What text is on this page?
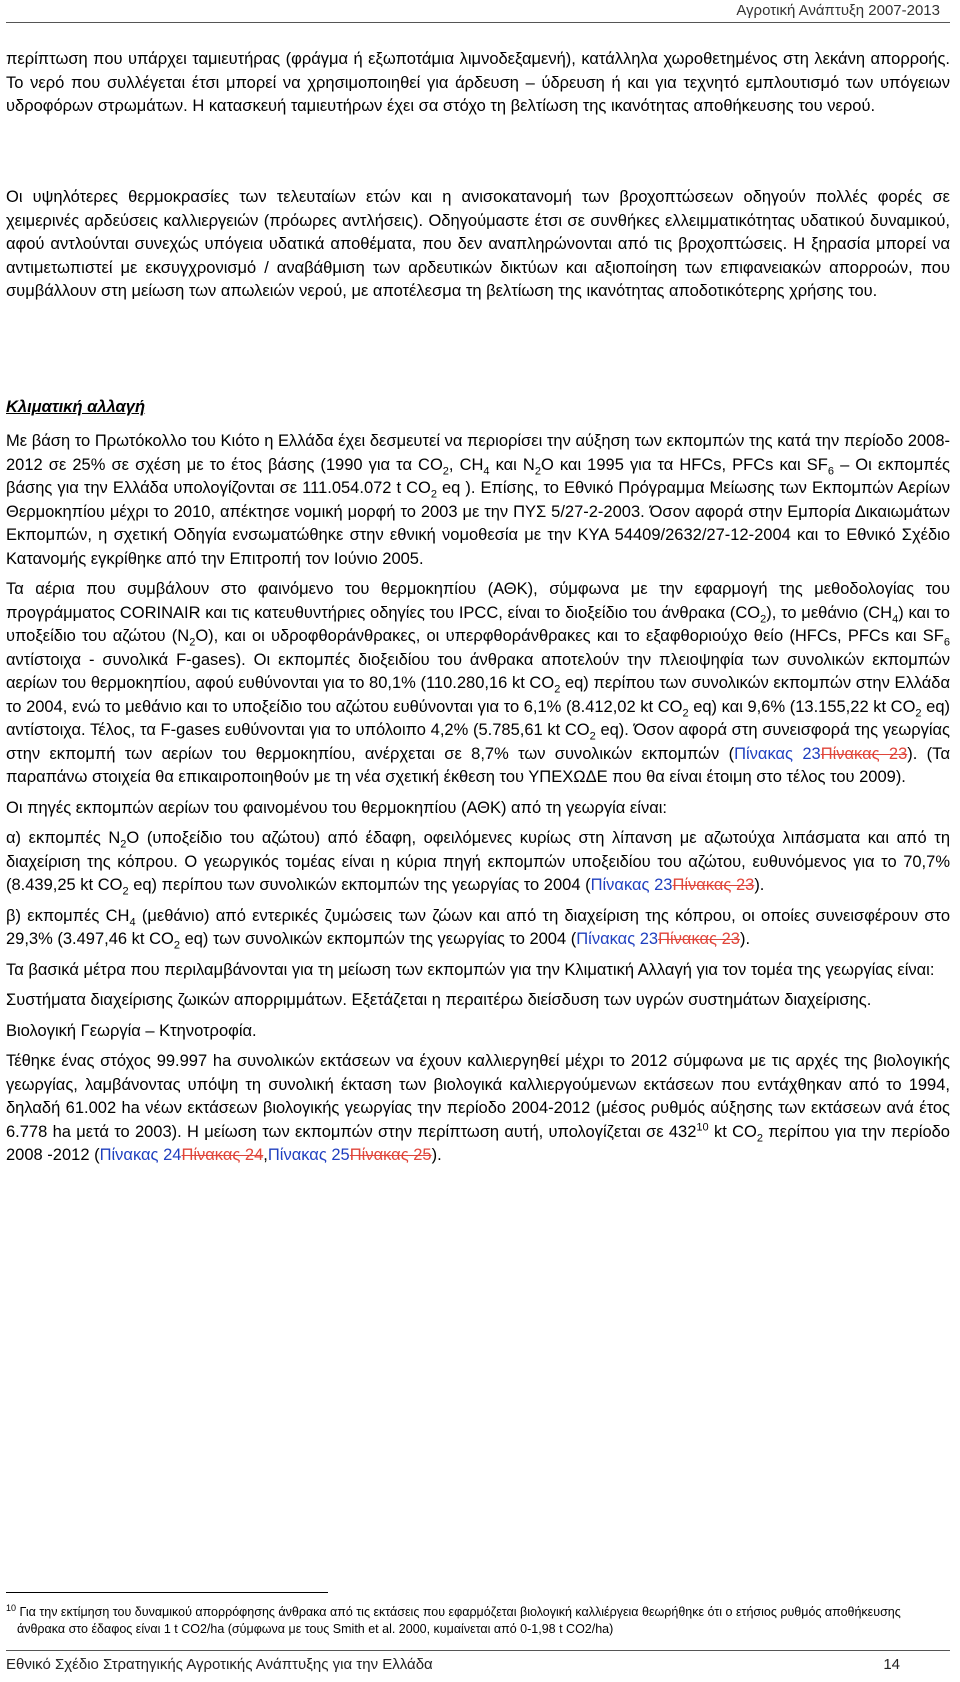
Αγροτική Ανάπτυξη 2007-2013

περίπτωση που υπάρχει ταμιευτήρας (φράγμα ή εξωποτάμια λιμνοδεξαμενή), κατάλληλα χωροθετημένος στη λεκάνη απορροής. Το νερό που συλλέγεται έτσι μπορεί να χρησιμοποιηθεί για άρδευση – ύδρευση ή και για τεχνητό εμπλουτισμό των υπόγειων υδροφόρων στρωμάτων. Η κατασκευή ταμιευτήρων έχει σα στόχο τη βελτίωση της ικανότητας αποθήκευσης του νερού.

Οι υψηλότερες θερμοκρασίες των τελευταίων ετών και η ανισοκατανομή των βροχοπτώσεων οδηγούν πολλές φορές σε χειμερινές αρδεύσεις καλλιεργειών (πρόωρες αντλήσεις). Οδηγούμαστε έτσι σε συνθήκες ελλειμματικότητας υδατικού δυναμικού, αφού αντλούνται συνεχώς υπόγεια υδατικά αποθέματα, που δεν αναπληρώνονται από τις βροχοπτώσεις. Η ξηρασία μπορεί να αντιμετωπιστεί με εκσυγχρονισμό / αναβάθμιση των αρδευτικών δικτύων και αξιοποίηση των επιφανειακών απορροών, που συμβάλλουν στη μείωση των απωλειών νερού, με αποτέλεσμα τη βελτίωση της ικανότητας αποδοτικότερης χρήσης του.

Κλιματική αλλαγή

Με βάση το Πρωτόκολλο του Κιότο η Ελλάδα έχει δεσμευτεί να περιορίσει την αύξηση των εκπομπών της κατά την περίοδο 2008-2012 σε 25% σε σχέση με το έτος βάσης (1990 για τα $CO_2$, $CH_4$ και $N_2O$ και 1995 για τα HFCs, PFCs και $SF_6$ – Οι εκπομπές βάσης για την Ελλάδα υπολογίζονται σε 111.054.072 t $CO_2$ eq ). Επίσης, το Εθνικό Πρόγραμμα Μείωσης των Εκπομπών Αερίων Θερμοκηπίου μέχρι το 2010, απέκτησε νομική μορφή το 2003 με την ΠΥΣ 5/27-2-2003. Όσον αφορά στην Εμπορία Δικαιωμάτων Εκπομπών, η σχετική Οδηγία ενσωματώθηκε στην εθνική νομοθεσία με την ΚΥΑ 54409/2632/27-12-2004 και το Εθνικό Σχέδιο Κατανομής εγκρίθηκε από την Επιτροπή τον Ιούνιο 2005.

Τα αέρια που συμβάλουν στο φαινόμενο του θερμοκηπίου (ΑΘΚ), σύμφωνα με την εφαρμογή της μεθοδολογίας του προγράμματος CORINAIR και τις κατευθυντήριες οδηγίες του IPCC, είναι το διοξείδιο του άνθρακα $(CO_2)$, το μεθάνιο $(CH_4)$ και το υποξείδιο του αζώτου $(N_2O)$, και οι υδροφθοράνθρακες, οι υπερφθοράνθρακες και το εξαφθοριούχο θείο (HFCs, PFCs και $SF_6$ αντίστοιχα - συνολικά F-gases). Οι εκπομπές διοξειδίου του άνθρακα αποτελούν την πλειοψηφία των συνολικών εκπομπών αερίων του θερμοκηπίου, αφού ευθύνονται για το 80,1% (110.280,16 kt $CO_2$ eq) περίπου των συνολικών εκπομπών στην Ελλάδα το 2004, ενώ το μεθάνιο και το υποξείδιο του αζώτου ευθύνονται για το 6,1% (8.412,02 kt $CO_2$ eq) και 9,6% (13.155,22 kt $CO_2$ eq) αντίστοιχα. Τέλος, τα F-gases ευθύνονται για το υπόλοιπο 4,2% (5.785,61 kt $CO_2$ eq). Όσον αφορά στη συνεισφορά της γεωργίας στην εκπομπή των αερίων του θερμοκηπίου, ανέρχεται σε 8,7% των συνολικών εκπομπών (Πίνακας 23Πίνακας 23). (Τα παραπάνω στοιχεία θα επικαιροποιηθούν με τη νέα σχετική έκθεση του ΥΠΕΧΩΔΕ που θα είναι έτοιμη στο τέλος του 2009).

Οι πηγές εκπομπών αερίων του φαινομένου του θερμοκηπίου (ΑΘΚ) από τη γεωργία είναι:

α) εκπομπές $N_2O$ (υποξείδιο του αζώτου) από έδαφη, οφειλόμενες κυρίως στη λίπανση με αζωτούχα λιπάσματα και από τη διαχείριση της κόπρου. Ο γεωργικός τομέας είναι η κύρια πηγή εκπομπών υποξειδίου του αζώτου, ευθυνόμενος για το 70,7% (8.439,25 kt $CO_2$ eq) περίπου των συνολικών εκπομπών της γεωργίας το 2004 (Πίνακας 23Πίνακας 23).

β) εκπομπές $CH_4$ (μεθάνιο) από εντερικές ζυμώσεις των ζώων και από τη διαχείριση της κόπρου, οι οποίες συνεισφέρουν στο 29,3% (3.497,46 kt $CO_2$ eq) των συνολικών εκπομπών της γεωργίας το 2004 (Πίνακας 23Πίνακας 23).

Τα βασικά μέτρα που περιλαμβάνονται για τη μείωση των εκπομπών για την Κλιματική Αλλαγή για τον τομέα της γεωργίας είναι:

Συστήματα διαχείρισης ζωικών απορριμμάτων. Εξετάζεται η περαιτέρω διείσδυση των υγρών συστημάτων διαχείρισης.

Βιολογική Γεωργία – Κτηνοτροφία.

Τέθηκε ένας στόχος 99.997 ha συνολικών εκτάσεων να έχουν καλλιεργηθεί μέχρι το 2012 σύμφωνα με τις αρχές της βιολογικής γεωργίας, λαμβάνοντας υπόψη τη συνολική έκταση των βιολογικά καλλιεργούμενων εκτάσεων που εντάχθηκαν από το 1994, δηλαδή 61.002 ha νέων εκτάσεων βιολογικής γεωργίας την περίοδο 2004-2012 (μέσος ρυθμός αύξησης των εκτάσεων ανά έτος 6.778 ha μετά το 2003). Η μείωση των εκπομπών στην περίπτωση αυτή, υπολογίζεται σε $432^{10}$ kt $CO_2$ περίπου για την περίοδο 2008 -2012 (Πίνακας 24Πίνακας 24,Πίνακας 25Πίνακας 25).

$^{10}$ Για την εκτίμηση του δυναμικού απορρόφησης άνθρακα από τις εκτάσεις που εφαρμόζεται βιολογική καλλιέργεια θεωρήθηκε ότι ο ετήσιος ρυθμός αποθήκευσης άνθρακα στο έδαφος είναι 1 t CO2/ha (σύμφωνα με τους Smith et al. 2000, κυμαίνεται από 0-1,98 t CO2/ha)
Εθνικό Σχέδιο Στρατηγικής Αγροτικής Ανάπτυξης για την Ελλάδα	14
